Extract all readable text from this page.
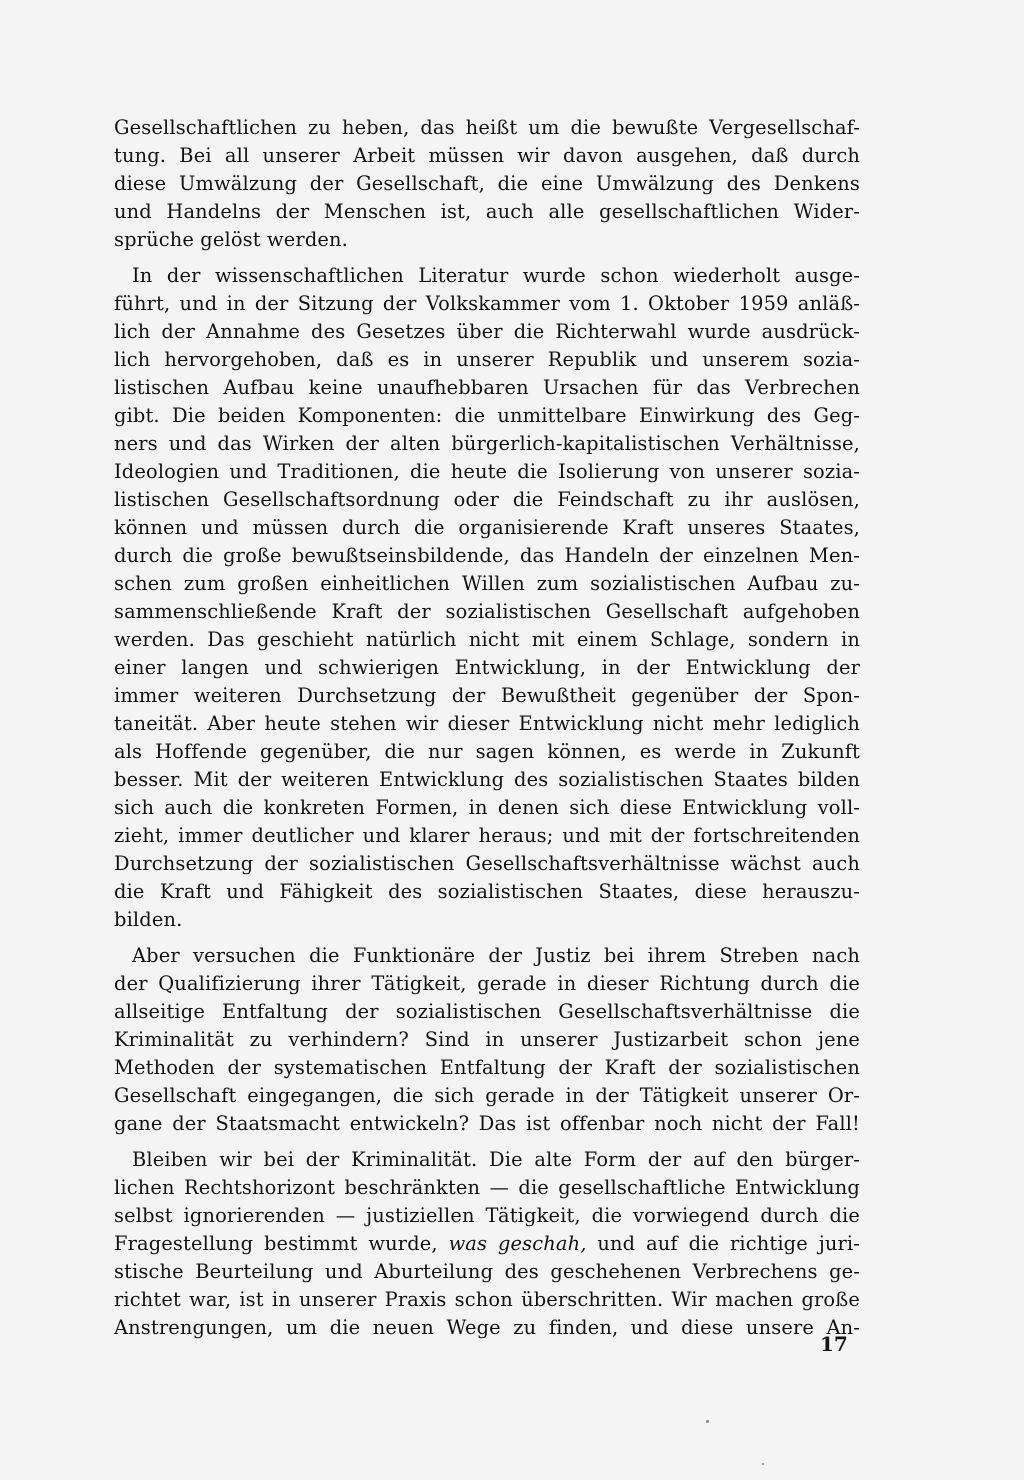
Gesellschaftlichen zu heben, das heißt um die bewußte Vergesellschaf-
tung. Bei all unserer Arbeit müssen wir davon ausgehen, daß durch
diese Umwälzung der Gesellschaft, die eine Umwälzung des Denkens
und Handelns der Menschen ist, auch alle gesellschaftlichen Wider-
sprüche gelöst werden.
In der wissenschaftlichen Literatur wurde schon wiederholt ausge-
führt, und in der Sitzung der Volkskammer vom 1. Oktober 1959 anläß-
lich der Annahme des Gesetzes über die Richterwahl wurde ausdrück-
lich hervorgehoben, daß es in unserer Republik und unserem sozia-
listischen Aufbau keine unaufhebbaren Ursachen für das Verbrechen
gibt. Die beiden Komponenten: die unmittelbare Einwirkung des Geg-
ners und das Wirken der alten bürgerlich-kapitalistischen Verhältnisse,
Ideologien und Traditionen, die heute die Isolierung von unserer sozia-
listischen Gesellschaftsordnung oder die Feindschaft zu ihr auslösen,
können und müssen durch die organisierende Kraft unseres Staates,
durch die große bewußtseinsbildende, das Handeln der einzelnen Men-
schen zum großen einheitlichen Willen zum sozialistischen Aufbau zu-
sammenschließende Kraft der sozialistischen Gesellschaft aufgehoben
werden. Das geschieht natürlich nicht mit einem Schlage, sondern in
einer langen und schwierigen Entwicklung, in der Entwicklung der
immer weiteren Durchsetzung der Bewußtheit gegenüber der Spon-
taneität. Aber heute stehen wir dieser Entwicklung nicht mehr lediglich
als Hoffende gegenüber, die nur sagen können, es werde in Zukunft
besser. Mit der weiteren Entwicklung des sozialistischen Staates bilden
sich auch die konkreten Formen, in denen sich diese Entwicklung voll-
zieht, immer deutlicher und klarer heraus; und mit der fortschreitenden
Durchsetzung der sozialistischen Gesellschaftsverhältnisse wächst auch
die Kraft und Fähigkeit des sozialistischen Staates, diese herauszu-
bilden.
Aber versuchen die Funktionäre der Justiz bei ihrem Streben nach
der Qualifizierung ihrer Tätigkeit, gerade in dieser Richtung durch die
allseitige Entfaltung der sozialistischen Gesellschaftsverhältnisse die
Kriminalität zu verhindern? Sind in unserer Justizarbeit schon jene
Methoden der systematischen Entfaltung der Kraft der sozialistischen
Gesellschaft eingegangen, die sich gerade in der Tätigkeit unserer Or-
gane der Staatsmacht entwickeln? Das ist offenbar noch nicht der Fall!
Bleiben wir bei der Kriminalität. Die alte Form der auf den bürger-
lichen Rechtshorizont beschränkten — die gesellschaftliche Entwicklung
selbst ignorierenden — justiziellen Tätigkeit, die vorwiegend durch die
Fragestellung bestimmt wurde, was geschah, und auf die richtige juri-
stische Beurteilung und Aburteilung des geschehenen Verbrechens ge-
richtet war, ist in unserer Praxis schon überschritten. Wir machen große
Anstrengungen, um die neuen Wege zu finden, und diese unsere An-
17
